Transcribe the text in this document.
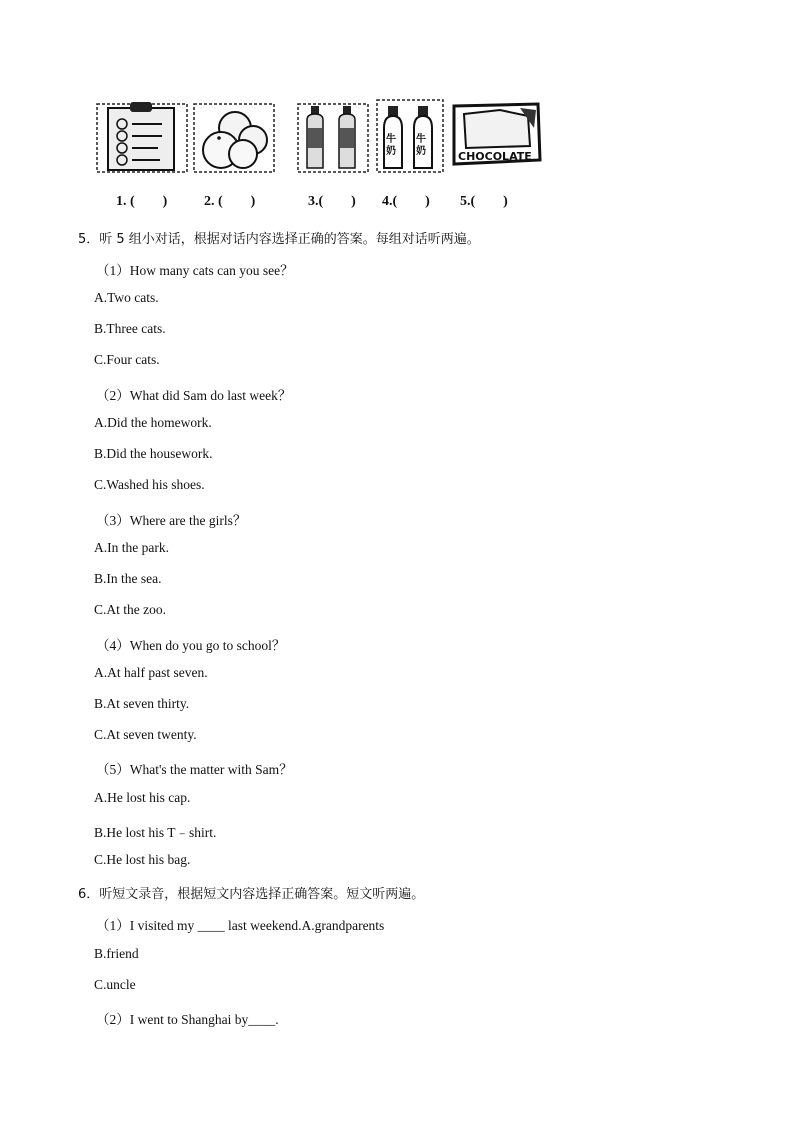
牛奶
牛奶	CHOCOLATE
1. (        )	2. (        )	3.(        ) 4.(        ) 5.(        )
5．听 5 组小对话，根据对话内容选择正确的答案。每组对话听两遍。
（1）How many cats can you see？
A.Two cats.
B.Three cats.
C.Four cats.
（2）What did Sam do last week？
A.Did the homework.
B.Did the housework.
C.Washed his shoes.
（3）Where are the girls？
A.In the park.
B.In the sea.
C.At the zoo.
（4）When do you go to school？
A.At half past seven.
B.At seven thirty.
C.At seven twenty.
（5）What's the matter with Sam？
A.He lost his cap.
B.He lost his T﹣shirt.
C.He lost his bag.
6．听短文录音，根据短文内容选择正确答案。短文听两遍。
（1）I visited my ____ last weekend.A.grandparents
B.friend
C.uncle
（2）I went to Shanghai by____.
